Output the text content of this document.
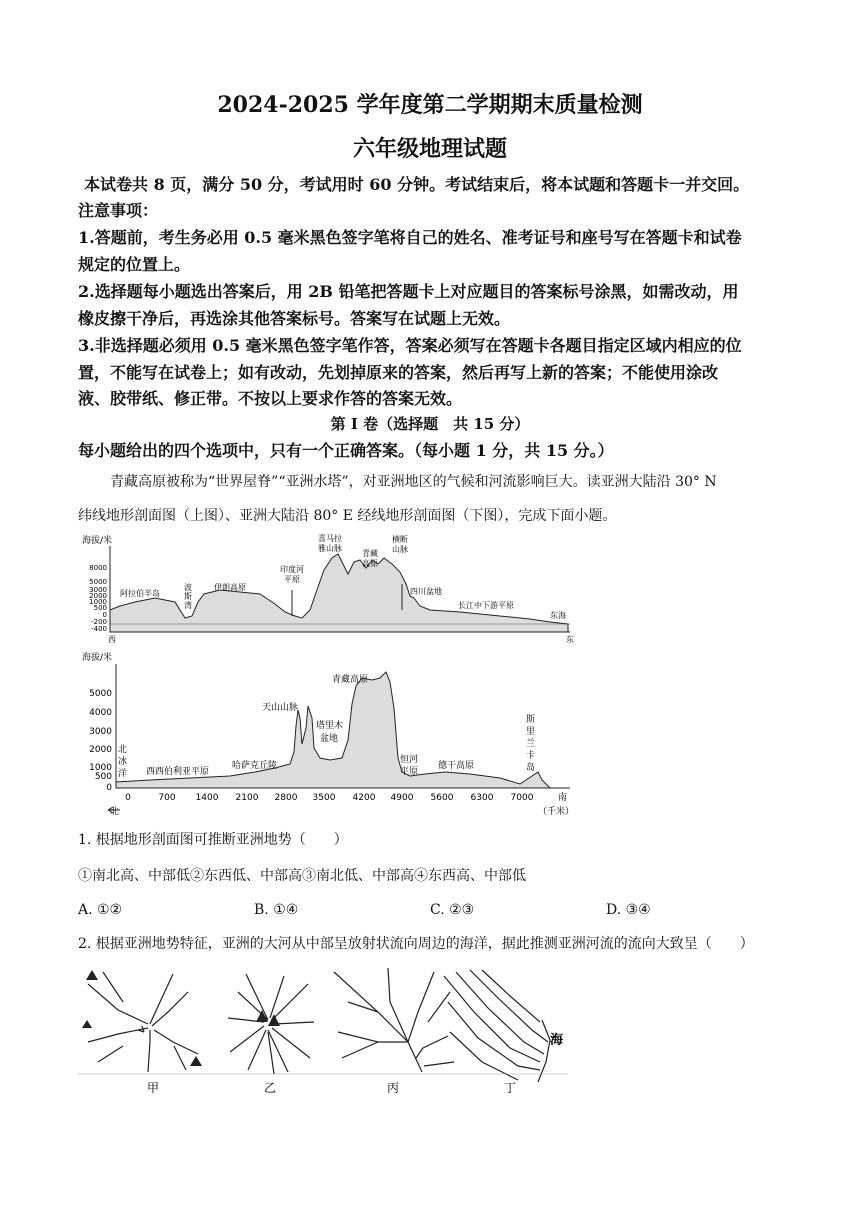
2024-2025 学年度第二学期期末质量检测
六年级地理试题
本试卷共 8 页，满分 50 分，考试用时 60 分钟。考试结束后，将本试题和答题卡一并交回。
注意事项：
1.答题前，考生务必用 0.5 毫米黑色签字笔将自己的姓名、准考证号和座号写在答题卡和试卷
规定的位置上。
2.选择题每小题选出答案后，用 2B 铅笔把答题卡上对应题目的答案标号涂黑，如需改动，用
橡皮擦干净后，再选涂其他答案标号。答案写在试题上无效。
3.非选择题必须用 0.5 毫米黑色签字笔作答，答案必须写在答题卡各题目指定区域内相应的位
置，不能写在试卷上；如有改动，先划掉原来的答案，然后再写上新的答案；不能使用涂改
液、胶带纸、修正带。不按以上要求作答的答案无效。
第 I 卷（选择题　共 15 分）
每小题给出的四个选项中，只有一个正确答案。（每小题 1 分，共 15 分。）
青藏高原被称为“世界屋脊”“亚洲水塔”，对亚洲地区的气候和河流影响巨大。读亚洲大陆沿 30° N
纬线地形剖面图（上图）、亚洲大陆沿 80° E 经线地形剖面图（下图），完成下面小题。
海拔/米
8000
5000
3000
2000
1000
500
0
-200
-400
阿拉伯半岛
波
斯
湾
伊朗高原
印度河
平原
喜马拉
雅山脉
青藏
高原
横断
山脉
四川盆地
长江中下游平原
东海
西	东
海拔/米
5000
4000
3000
2000
1000
500
0
0	700 1400 2100 2800 3500 4200 4900 5600 6300 7000
（千米）
北
南
北
冰
洋 西西伯利亚平原
哈萨克丘陵
天山山脉
塔里木
盆地
青藏高原
恒河
平原
德干高原
斯
里
兰
卡
岛
1. 根据地形剖面图可推断亚洲地势（　　）
①南北高、中部低②东西低、中部高③南北低、中部高④东西高、中部低
A. ①②	B. ①④	C. ②③	D. ③④
2. 根据亚洲地势特征，亚洲的大河从中部呈放射状流向周边的海洋，据此推测亚洲河流的流向大致呈（　　）
海
甲	乙	丙	丁
